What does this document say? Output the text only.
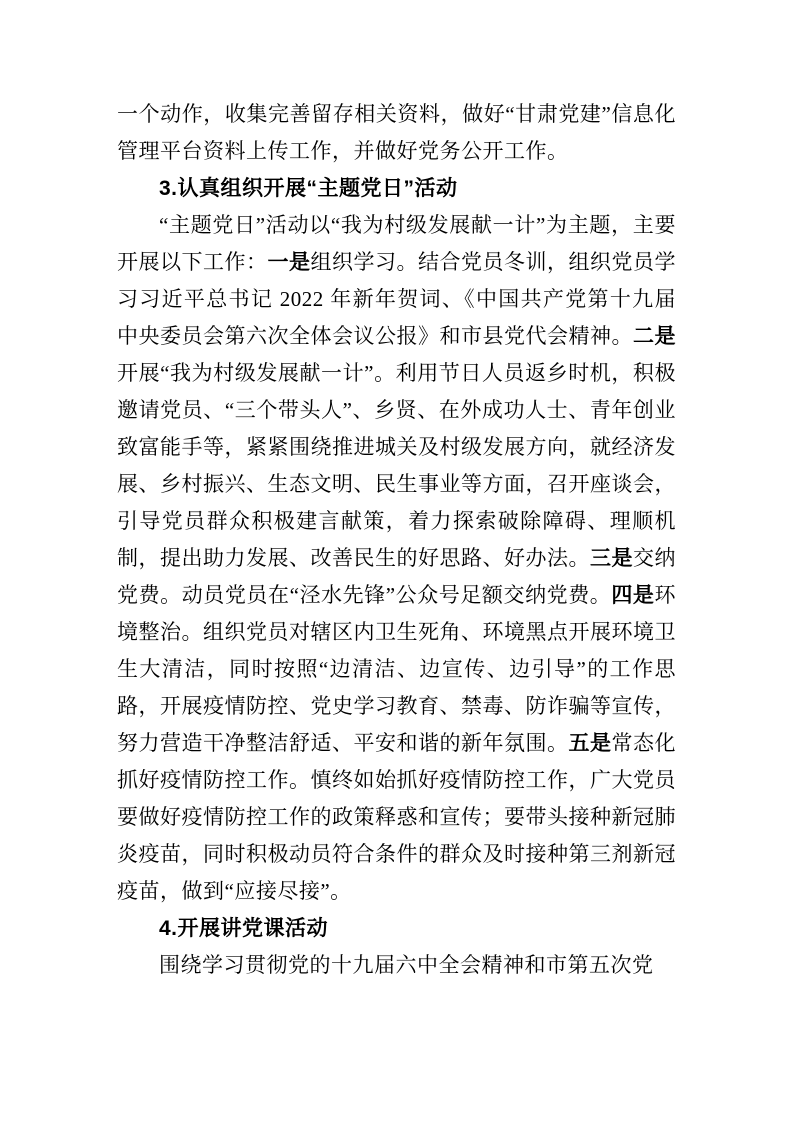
一个动作，收集完善留存相关资料，做好“甘肃党建”信息化管理平台资料上传工作，并做好党务公开工作。

3.认真组织开展“主题党日”活动

“主题党日”活动以“我为村级发展献一计”为主题，主要开展以下工作：一是组织学习。结合党员冬训，组织党员学习习近平总书记 2022 年新年贺词、《中国共产党第十九届中央委员会第六次全体会议公报》和市县党代会精神。二是开展“我为村级发展献一计”。利用节日人员返乡时机，积极邀请党员、“三个带头人”、乡贤、在外成功人士、青年创业致富能手等，紧紧围绕推进城关及村级发展方向，就经济发展、乡村振兴、生态文明、民生事业等方面，召开座谈会，引导党员群众积极建言献策，着力探索破除障碍、理顺机制，提出助力发展、改善民生的好思路、好办法。三是交纳党费。动员党员在“泾水先锋”公众号足额交纳党费。四是环境整治。组织党员对辖区内卫生死角、环境黑点开展环境卫生大清洁，同时按照“边清洁、边宣传、边引导”的工作思路，开展疫情防控、党史学习教育、禁毒、防诈骗等宣传，努力营造干净整洁舒适、平安和谐的新年氛围。五是常态化抓好疫情防控工作。慎终如始抓好疫情防控工作，广大党员要做好疫情防控工作的政策释惑和宣传；要带头接种新冠肺炎疫苗，同时积极动员符合条件的群众及时接种第三剂新冠疫苗，做到“应接尽接”。

4.开展讲党课活动

围绕学习贯彻党的十九届六中全会精神和市第五次党
